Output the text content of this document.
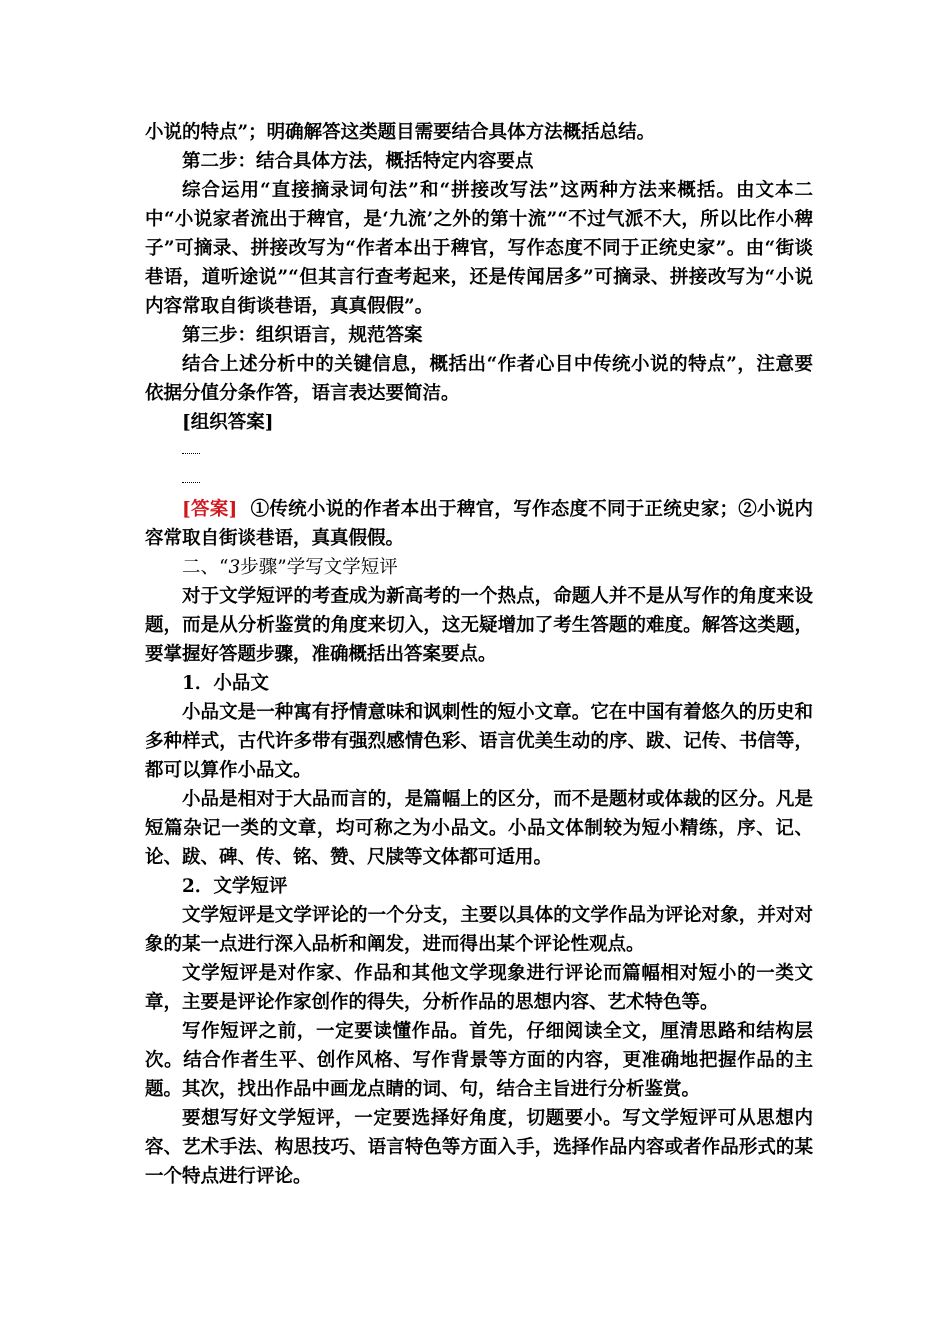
小说的特点”；明确解答这类题目需要结合具体方法概括总结。

第二步：结合具体方法，概括特定内容要点

综合运用“直接摘录词句法”和“拼接改写法”这两种方法来概括。由文本二中“小说家者流出于稗官，是‘九流’之外的第十流”“不过气派不大，所以比作小稗子”可摘录、拼接改写为“作者本出于稗官，写作态度不同于正统史家”。由“街谈巷语，道听途说”“但其言行查考起来，还是传闻居多”可摘录、拼接改写为“小说内容常取自街谈巷语，真真假假”。

第三步：组织语言，规范答案

结合上述分析中的关键信息，概括出“作者心目中传统小说的特点”，注意要依据分值分条作答，语言表达要简洁。

[组织答案]

[答案] ①传统小说的作者本出于稗官，写作态度不同于正统史家；②小说内容常取自街谈巷语，真真假假。

二、“3步骤”学写文学短评

对于文学短评的考查成为新高考的一个热点，命题人并不是从写作的角度来设题，而是从分析鉴赏的角度来切入，这无疑增加了考生答题的难度。解答这类题，要掌握好答题步骤，准确概括出答案要点。

1．小品文

小品文是一种寓有抒情意味和讽刺性的短小文章。它在中国有着悠久的历史和多种样式，古代许多带有强烈感情色彩、语言优美生动的序、跋、记传、书信等，都可以算作小品文。

小品是相对于大品而言的，是篇幅上的区分，而不是题材或体裁的区分。凡是短篇杂记一类的文章，均可称之为小品文。小品文体制较为短小精练，序、记、论、跋、碑、传、铭、赞、尺牍等文体都可适用。

2．文学短评

文学短评是文学评论的一个分支，主要以具体的文学作品为评论对象，并对对象的某一点进行深入品析和阐发，进而得出某个评论性观点。

文学短评是对作家、作品和其他文学现象进行评论而篇幅相对短小的一类文章，主要是评论作家创作的得失，分析作品的思想内容、艺术特色等。

写作短评之前，一定要读懂作品。首先，仔细阅读全文，厘清思路和结构层次。结合作者生平、创作风格、写作背景等方面的内容，更准确地把握作品的主题。其次，找出作品中画龙点睛的词、句，结合主旨进行分析鉴赏。

要想写好文学短评，一定要选择好角度，切题要小。写文学短评可从思想内容、艺术手法、构思技巧、语言特色等方面入手，选择作品内容或者作品形式的某一个特点进行评论。
